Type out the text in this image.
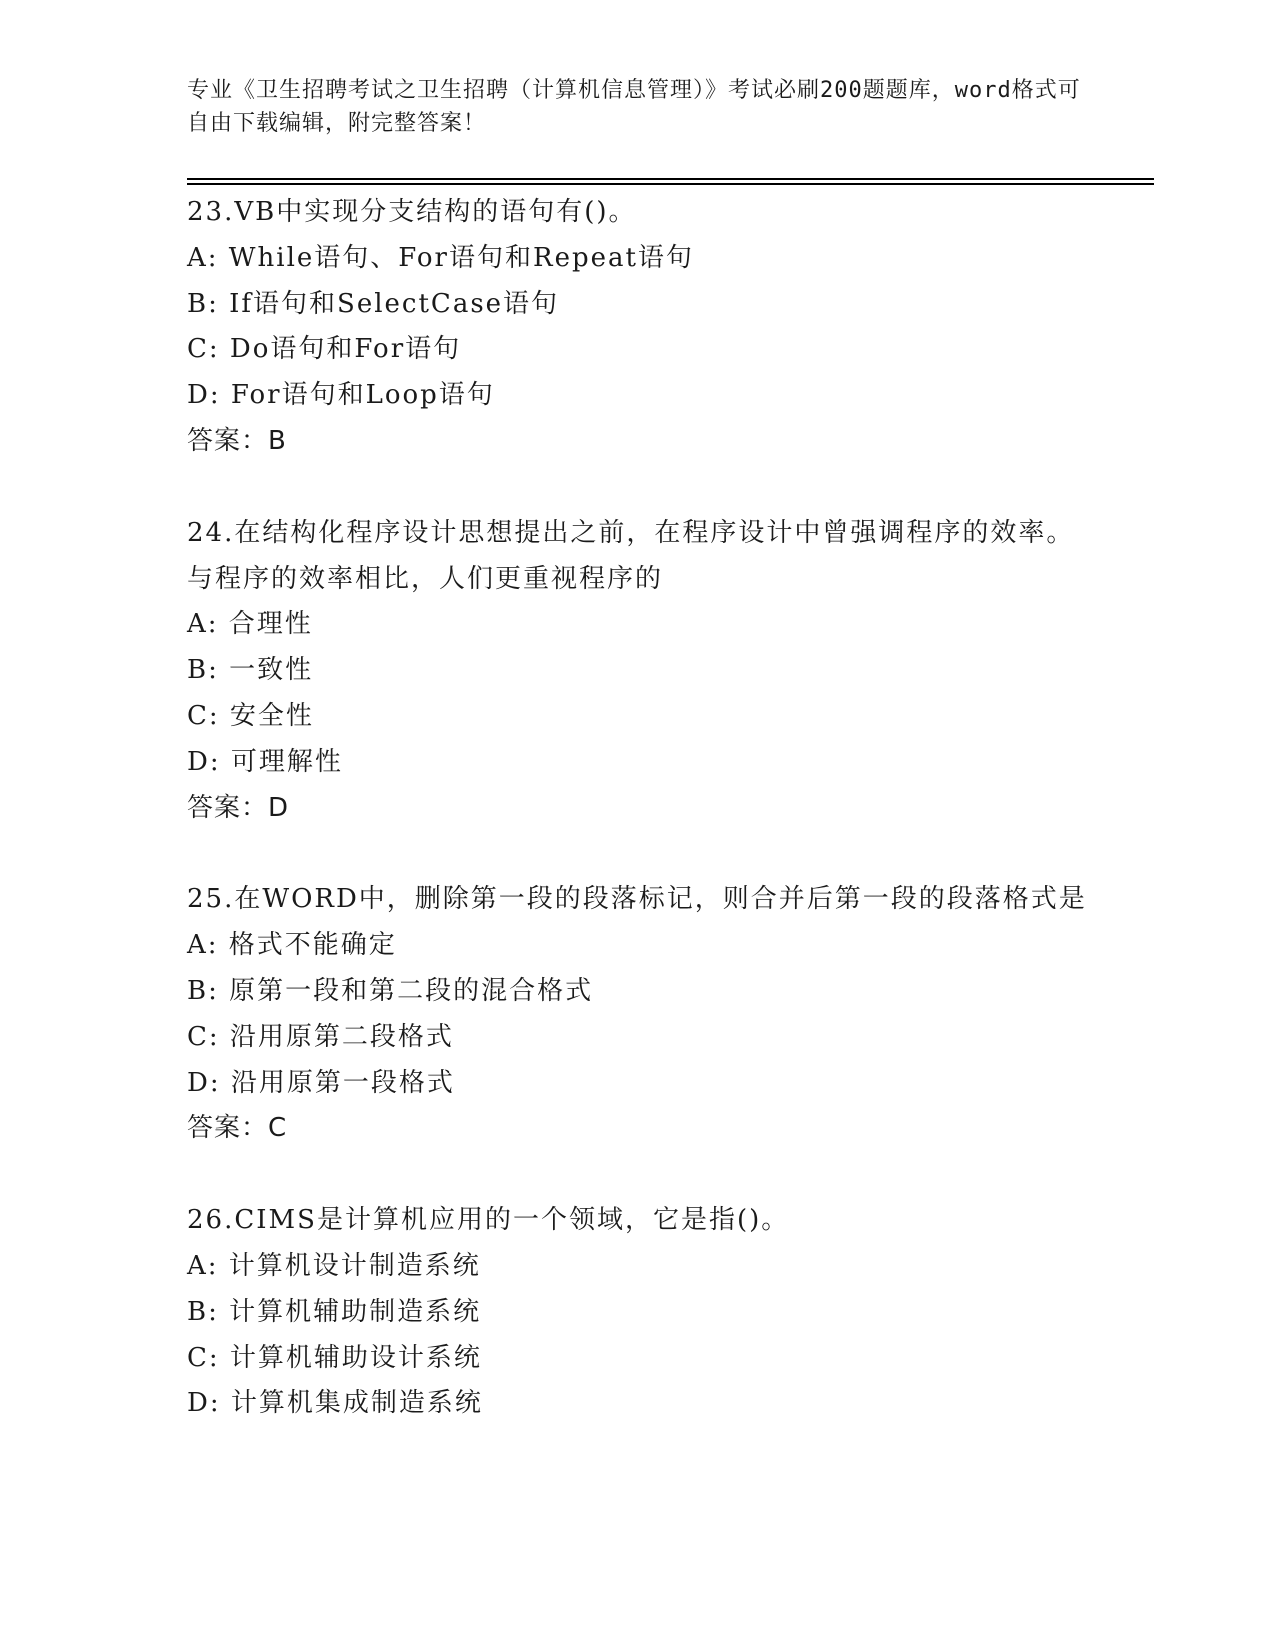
专业《卫生招聘考试之卫生招聘（计算机信息管理）》考试必刷200题题库，word格式可自由下载编辑，附完整答案！
23.VB中实现分支结构的语句有()。
A: While语句、For语句和Repeat语句
B: If语句和SelectCase语句
C: Do语句和For语句
D: For语句和Loop语句
答案：B
24.在结构化程序设计思想提出之前，在程序设计中曾强调程序的效率。与程序的效率相比，人们更重视程序的
A: 合理性
B: 一致性
C: 安全性
D: 可理解性
答案：D
25.在WORD中，删除第一段的段落标记，则合并后第一段的段落格式是
A: 格式不能确定
B: 原第一段和第二段的混合格式
C: 沿用原第二段格式
D: 沿用原第一段格式
答案：C
26.CIMS是计算机应用的一个领域，它是指()。
A: 计算机设计制造系统
B: 计算机辅助制造系统
C: 计算机辅助设计系统
D: 计算机集成制造系统
